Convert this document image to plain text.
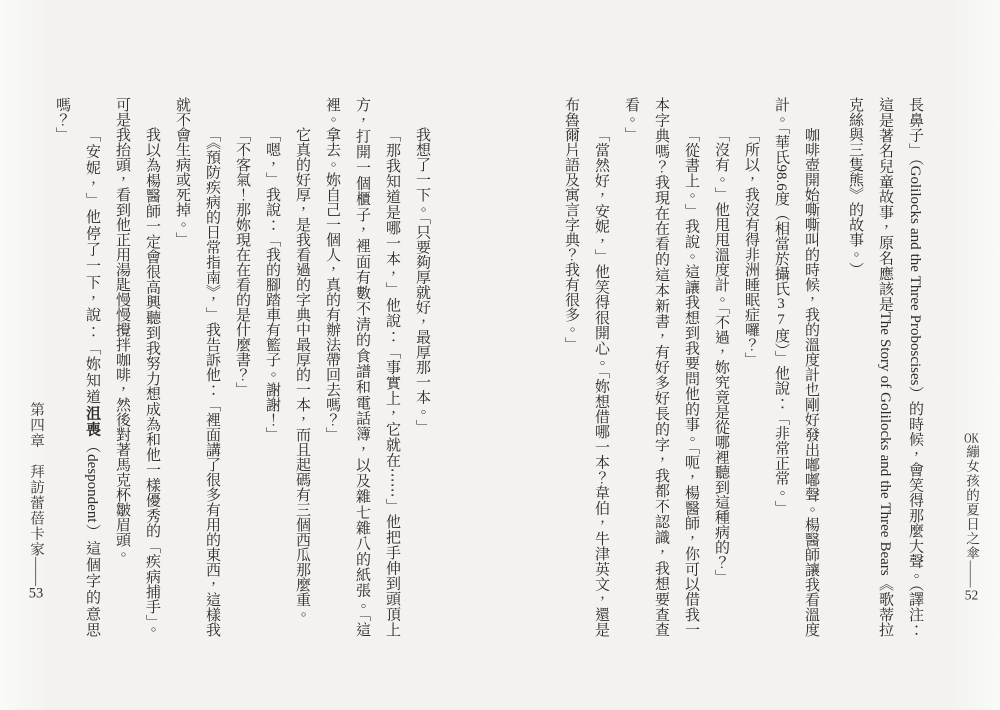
長鼻子」（Golilocks and the Three Proboscises）的時候，會笑得那麼大聲。（譯注：這是著名兒童故事，原名應該是The Story of Golilocks and the Three Bears《歌蒂拉克絲與三隻熊》的故事。）

咖啡壺開始嘶嘶叫的時候，我的溫度計也剛好發出嘟嘟聲。楊醫師讓我看溫度計。「華氏98.6度（相當於攝氏37度）」他說：「非常正常。」

「所以，我沒有得非洲睡眠症囉？」

「沒有。」他甩甩溫度計。「不過，妳究竟是從哪裡聽到這種病的？」

「從書上。」我說。這讓我想到我要問他的事。「呃，楊醫師，你可以借我一本字典嗎？我現在在看的這本新書，有好多好長的字，我都不認識，我想要查查看。」

「當然好，安妮，」他笑得很開心。「妳想借哪一本？韋伯，牛津英文，還是布魯爾片語及寓言字典？我有很多。」

我想了一下。「只要夠厚就好，最厚那一本。」

「那我知道是哪一本，」他說：「事實上，它就在⋯⋯」他把手伸到頭頂上方，打開一個櫃子，裡面有數不清的食譜和電話簿，以及雜七雜八的紙張。「這裡。拿去。妳自己一個人，真的有辦法帶回去嗎？」

它真的好厚，是我看過的字典中最厚的一本，而且起碼有三個西瓜那麼重。

「嗯，」我說：「我的腳踏車有籃子。謝謝！」

「不客氣！那妳現在在看的是什麼書？」

「《預防疾病的日常指南》，」我告訴他：「裡面講了很多有用的東西，這樣我就不會生病或死掉。」

我以為楊醫師一定會很高興聽到我努力想成為和他一樣優秀的「疾病捕手」。可是我抬頭，看到他正用湯匙慢慢攪拌咖啡，然後對著馬克杯皺眉頭。

「安妮，」他停了一下，說：「妳知道沮喪（despondent）這個字的意思嗎？」

OK繃女孩的夏日之傘——52
第四章　拜訪蕾蓓卡家——53
